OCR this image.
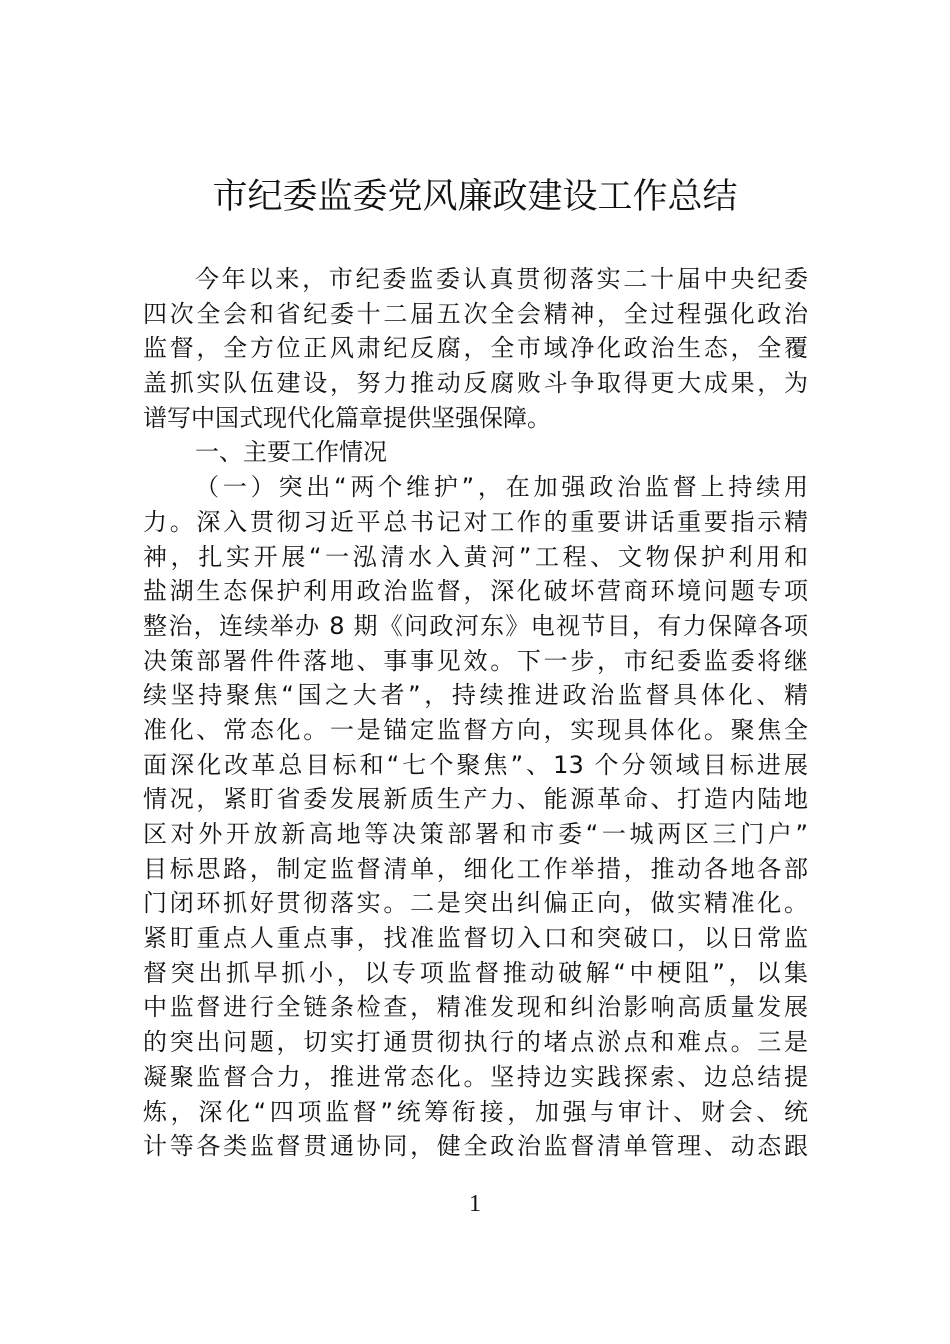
市纪委监委党风廉政建设工作总结
今年以来，市纪委监委认真贯彻落实二十届中央纪委
四次全会和省纪委十二届五次全会精神，全过程强化政治
监督，全方位正风肃纪反腐，全市域净化政治生态，全覆
盖抓实队伍建设，努力推动反腐败斗争取得更大成果，为
谱写中国式现代化篇章提供坚强保障。
一、主要工作情况
（一）突出“两个维护”，在加强政治监督上持续用
力。深入贯彻习近平总书记对工作的重要讲话重要指示精
神，扎实开展“一泓清水入黄河”工程、文物保护利用和
盐湖生态保护利用政治监督，深化破坏营商环境问题专项
整治，连续举办 8 期《问政河东》电视节目，有力保障各项
决策部署件件落地、事事见效。下一步，市纪委监委将继
续坚持聚焦“国之大者”，持续推进政治监督具体化、精
准化、常态化。一是锚定监督方向，实现具体化。聚焦全
面深化改革总目标和“七个聚焦”、13 个分领域目标进展
情况，紧盯省委发展新质生产力、能源革命、打造内陆地
区对外开放新高地等决策部署和市委“一城两区三门户”
目标思路，制定监督清单，细化工作举措，推动各地各部
门闭环抓好贯彻落实。二是突出纠偏正向，做实精准化。
紧盯重点人重点事，找准监督切入口和突破口，以日常监
督突出抓早抓小，以专项监督推动破解“中梗阻”，以集
中监督进行全链条检查，精准发现和纠治影响高质量发展
的突出问题，切实打通贯彻执行的堵点淤点和难点。三是
凝聚监督合力，推进常态化。坚持边实践探索、边总结提
炼，深化“四项监督”统筹衔接，加强与审计、财会、统
计等各类监督贯通协同，健全政治监督清单管理、动态跟
1
